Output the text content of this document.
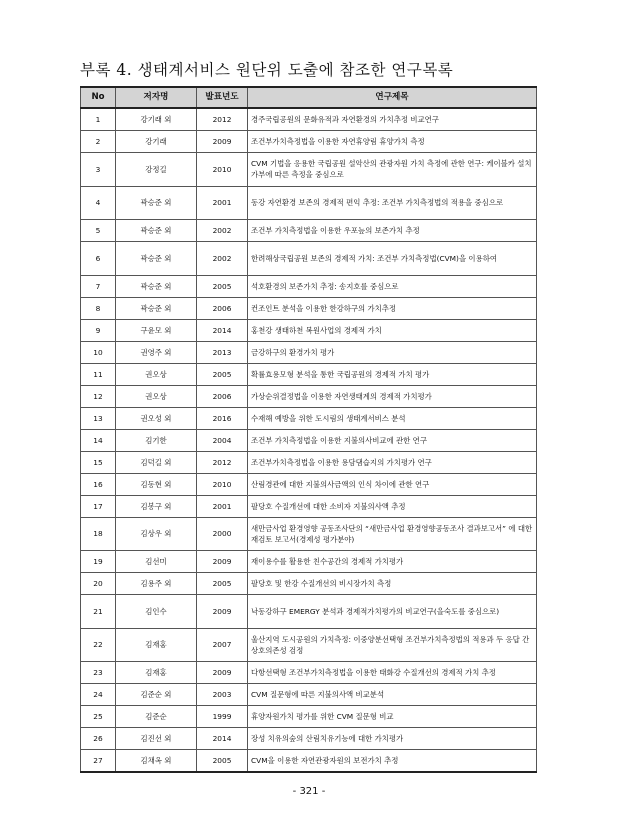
부록 4. 생태계서비스 원단위 도출에 참조한 연구목록
No	저자명	발표년도	연구제목
1	강기래 외	2012	경주국립공원의 문화유적과 자연환경의 가치추정 비교연구
2	강기래	2009	조건부가치측정법을 이용한 자연휴양림 휴양가치 측정
3	강정길	2010	CVM 기법을 응용한 국립공원 설악산의 관광자원 가치 측정에 관한 연구: 케이블카 설치 가부에 따른 측정을 중심으로
4	곽승준 외	2001	동강 자연환경 보존의 경제적 편익 추정: 조건부 가치측정법의 적용을 중심으로
5	곽승준 외	2002	조건부 가치측정법을 이용한 우포늪의 보존가치 추정
6	곽승준 외	2002	한려해상국립공원 보존의 경제적 가치: 조건부 가치측정법(CVM)을 이용하여
7	곽승준 외	2005	석호환경의 보존가치 추정: 송지호를 중심으로
8	곽승준 외	2006	컨조인트 분석을 이용한 한강하구의 가치추정
9	구윤모 외	2014	홍천강 생태하천 복원사업의 경제적 가치
10	권영주 외	2013	금강하구의 환경가치 평가
11	권오상	2005	확률효용모형 분석을 통한 국립공원의 경제적 가치 평가
12	권오상	2006	가상순위결정법을 이용한 자연생태계의 경제적 가치평가
13	권오성 외	2016	수재해 예방을 위한 도시림의 생태계서비스 분석
14	김기한	2004	조건부 가치측정법을 이용한 지불의사비교에 관한 연구
15	김덕길 외	2012	조건부가치측정법을 이용한 용담댐습지의 가치평가 연구
16	김동현 외	2010	산림경관에 대한 지불의사금액의 인식 차이에 관한 연구
17	김봉구 외	2001	팔당호 수질개선에 대한 소비자 지불의사액 추정
18	김상우 외	2000	새만금사업 환경영향 공동조사단의 “새만금사업 환경영향공동조사 결과보고서” 에 대한 재검토 보고서(경제성 평가분야)
19	김선미	2009	재이용수를 활용한 친수공간의 경제적 가치평가
20	김용주 외	2005	팔당호 및 한강 수질개선의 비시장가치 측정
21	김인수	2009	낙동강하구 EMERGY 분석과 경제적가치평가의 비교연구(을숙도를 중심으로)
22	김재홍	2007	울산지역 도시공원의 가치측정: 이중양분선택형 조건부가치측정법의 적용과 두 응답 간 상호의존성 검정
23	김재홍	2009	다항선택형 조건부가치측정법을 이용한 태화강 수질개선의 경제적 가치 추정
24	김준순 외	2003	CVM 질문형에 따른 지불의사액 비교분석
25	김준순	1999	휴양자원가치 평가를 위한 CVM 질문형 비교
26	김진선 외	2014	장성 치유의숲의 산림치유기능에 대한 가치평가
27	김채옥 외	2005	CVM을 이용한 자연관광자원의 보전가치 추정
- 321 -
